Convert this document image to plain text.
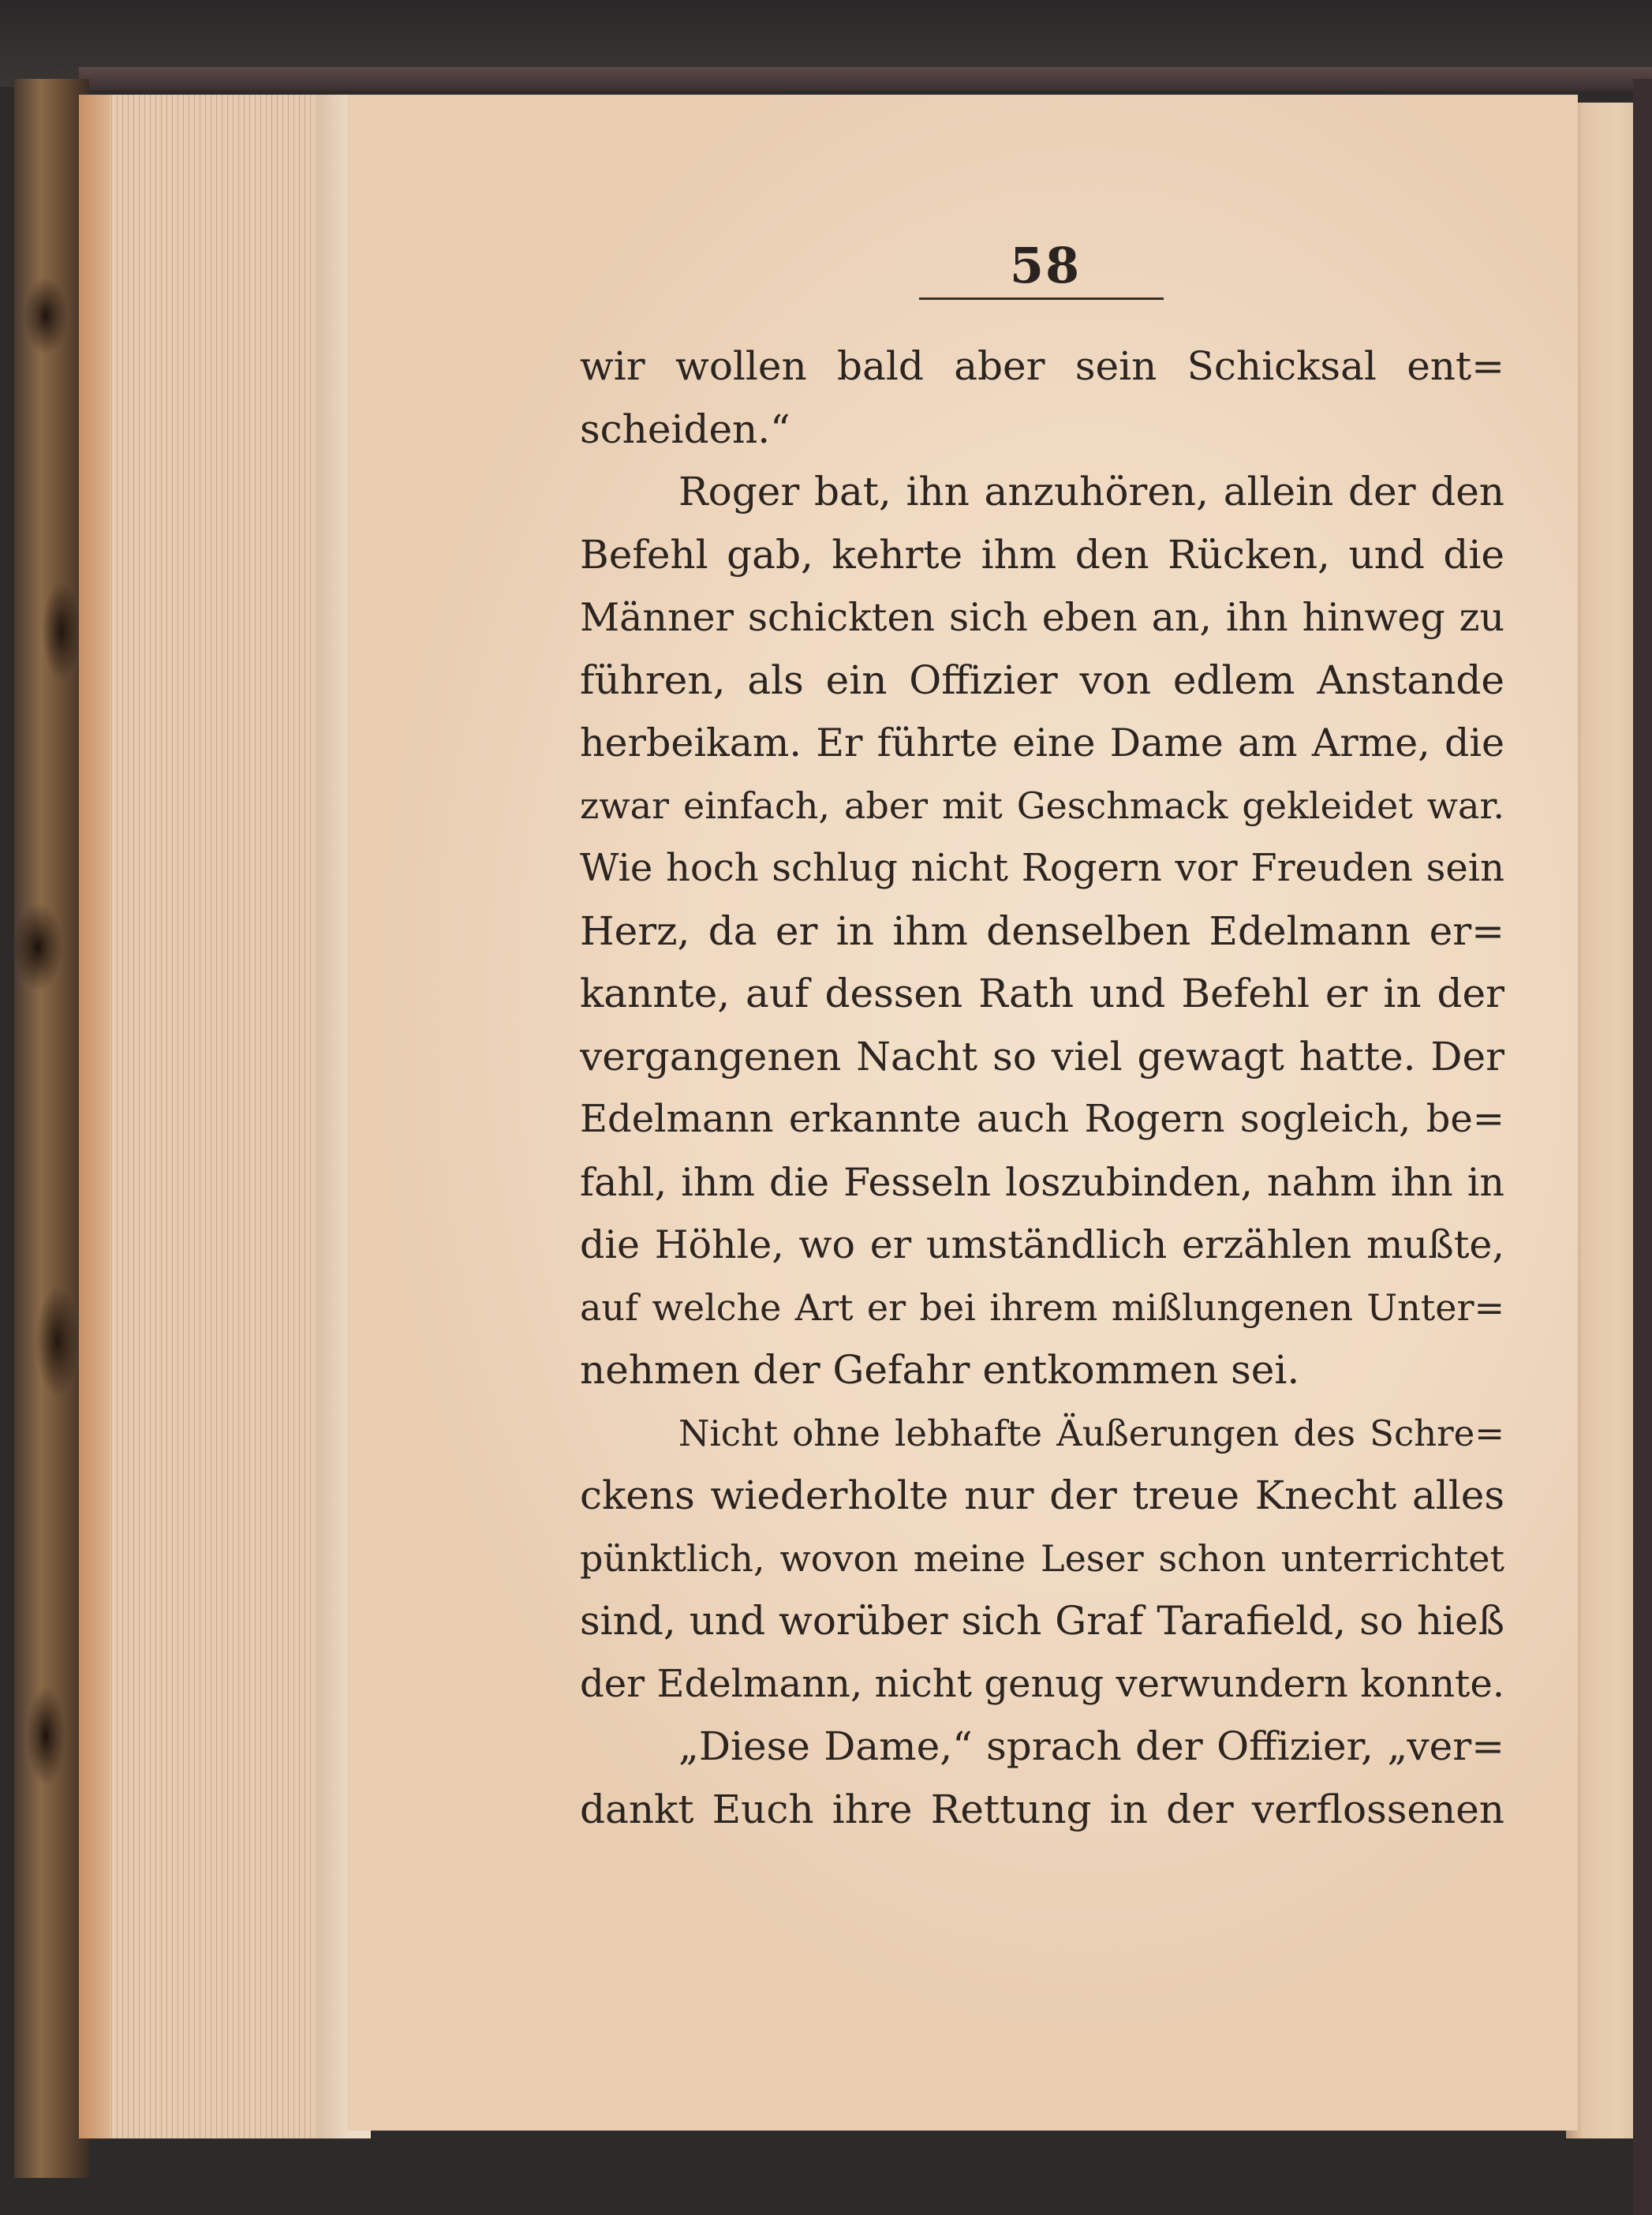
58
wir wollen bald aber sein Schicksal ent=
scheiden.“
Roger bat, ihn anzuhören, allein der den
Befehl gab, kehrte ihm den Rücken, und die
Männer schickten sich eben an, ihn hinweg zu
führen, als ein Offizier von edlem Anstande
herbeikam. Er führte eine Dame am Arme, die
zwar einfach, aber mit Geschmack gekleidet war.
Wie hoch schlug nicht Rogern vor Freuden sein
Herz, da er in ihm denselben Edelmann er=
kannte, auf dessen Rath und Befehl er in der
vergangenen Nacht so viel gewagt hatte. Der
Edelmann erkannte auch Rogern sogleich, be=
fahl, ihm die Fesseln loszubinden, nahm ihn in
die Höhle, wo er umständlich erzählen mußte,
auf welche Art er bei ihrem mißlungenen Unter=
nehmen der Gefahr entkommen sei.
Nicht ohne lebhafte Äußerungen des Schre=
ckens wiederholte nur der treue Knecht alles
pünktlich, wovon meine Leser schon unterrichtet
sind, und worüber sich Graf Tarafield, so hieß
der Edelmann, nicht genug verwundern konnte.
„Diese Dame,“ sprach der Offizier, „ver=
dankt Euch ihre Rettung in der verflossenen
